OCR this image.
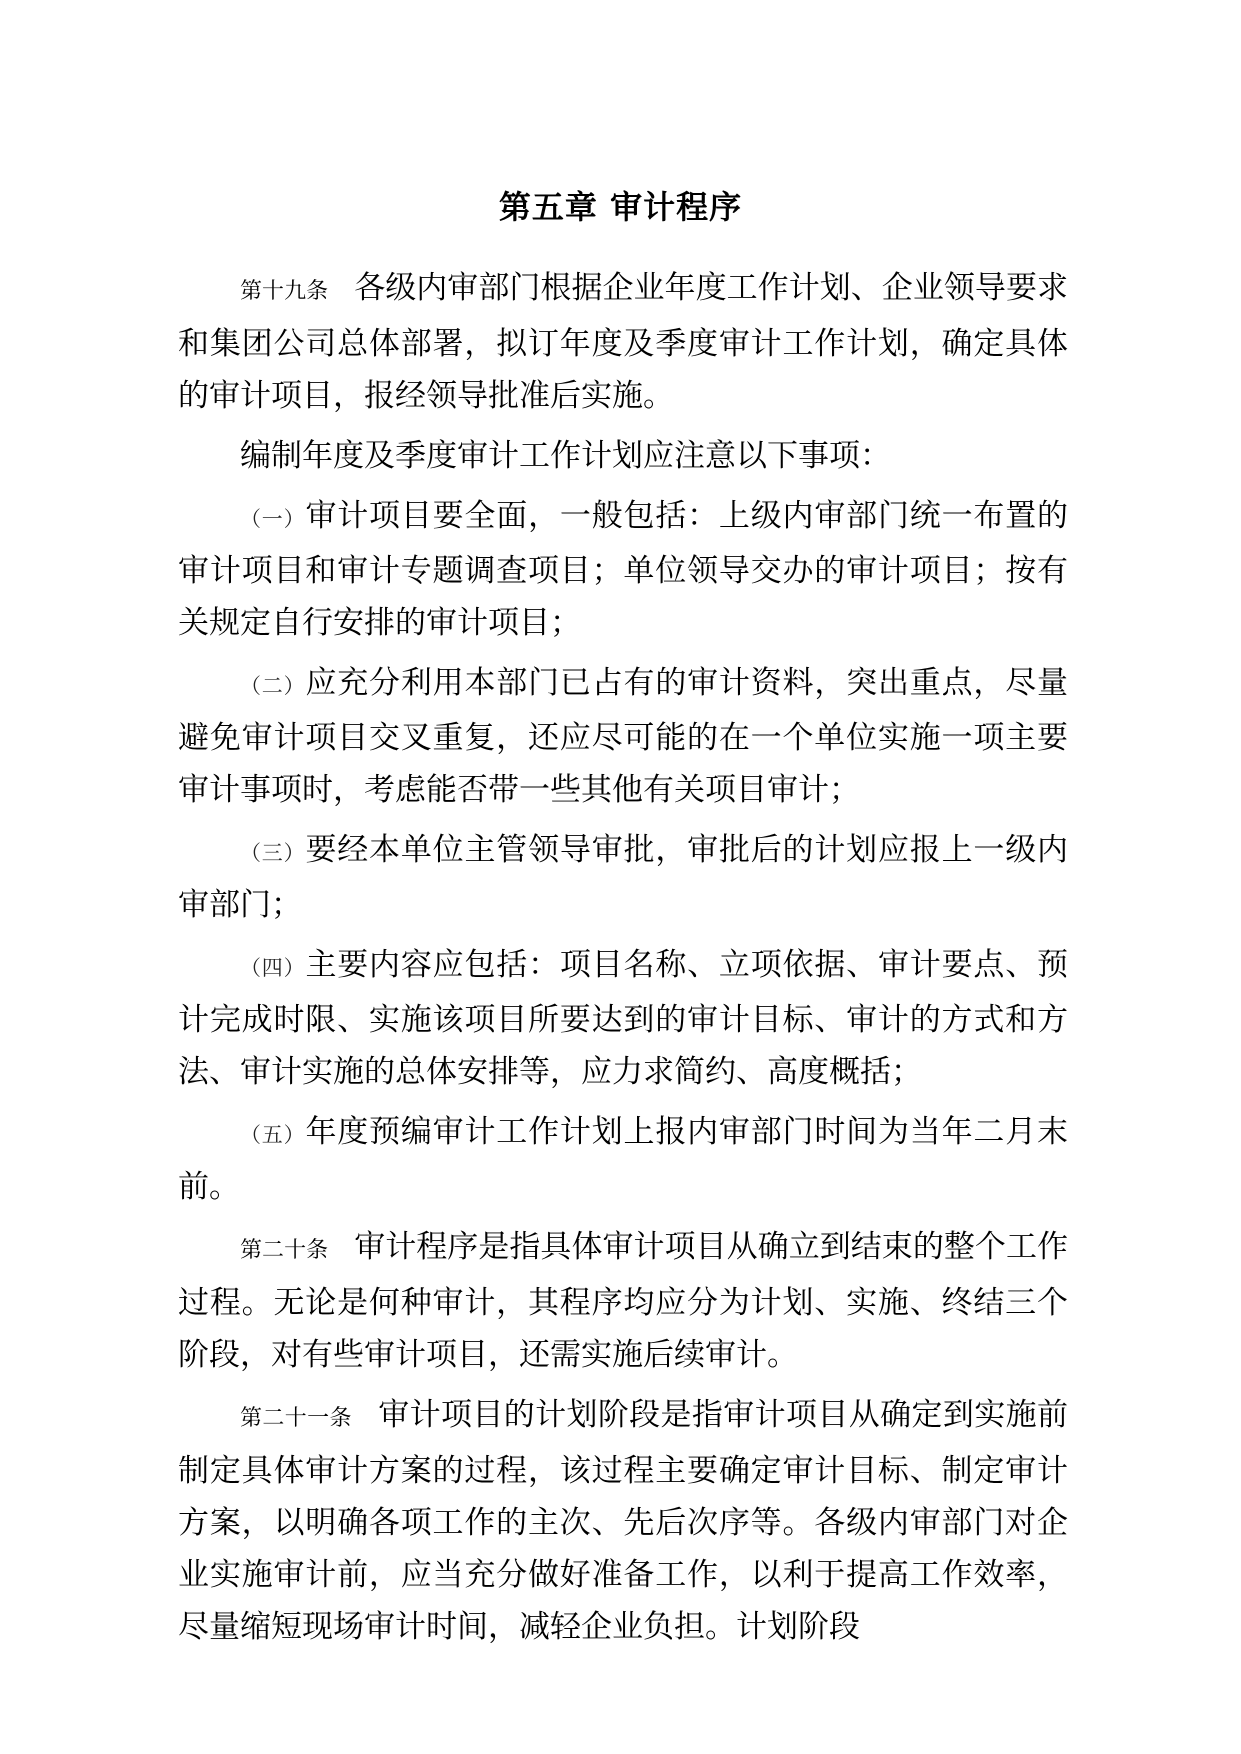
第五章 审计程序

第十九条 各级内审部门根据企业年度工作计划、企业领导要求和集团公司总体部署，拟订年度及季度审计工作计划，确定具体的审计项目，报经领导批准后实施。

编制年度及季度审计工作计划应注意以下事项：

（一）审计项目要全面，一般包括：上级内审部门统一布置的审计项目和审计专题调查项目；单位领导交办的审计项目；按有关规定自行安排的审计项目；

（二）应充分利用本部门已占有的审计资料，突出重点，尽量避免审计项目交叉重复，还应尽可能的在一个单位实施一项主要审计事项时，考虑能否带一些其他有关项目审计；

（三）要经本单位主管领导审批，审批后的计划应报上一级内审部门；

（四）主要内容应包括：项目名称、立项依据、审计要点、预计完成时限、实施该项目所要达到的审计目标、审计的方式和方法、审计实施的总体安排等，应力求简约、高度概括；

（五）年度预编审计工作计划上报内审部门时间为当年二月末前。

第二十条 审计程序是指具体审计项目从确立到结束的整个工作过程。无论是何种审计，其程序均应分为计划、实施、终结三个阶段，对有些审计项目，还需实施后续审计。

第二十一条 审计项目的计划阶段是指审计项目从确定到实施前制定具体审计方案的过程，该过程主要确定审计目标、制定审计方案，以明确各项工作的主次、先后次序等。各级内审部门对企业实施审计前，应当充分做好准备工作，以利于提高工作效率，尽量缩短现场审计时间，减轻企业负担。计划阶段
